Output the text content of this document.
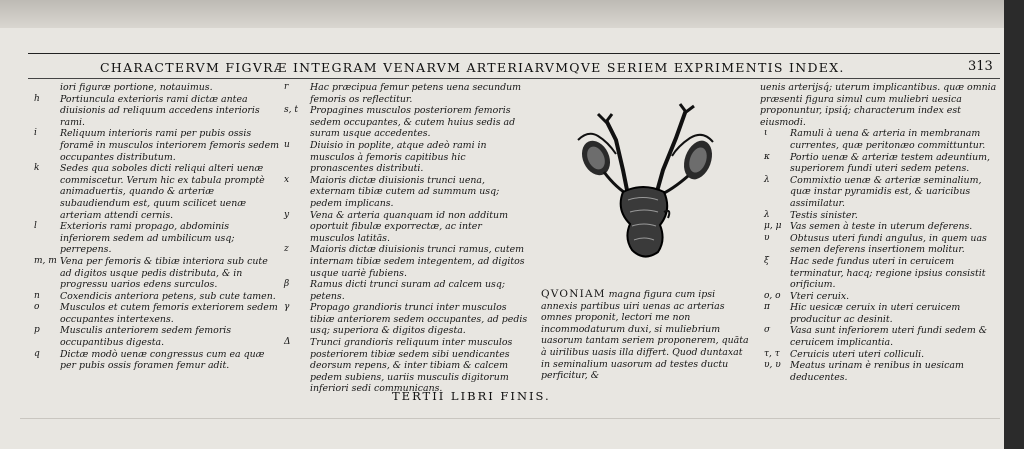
CHARACTERVM FIGVRÆ INTEGRAM VENARVM ARTERIARVMQVE SERIEM EXPRIMENTIS INDEX.	313
iori figuræ portione, notauimus.
h	Portiuncula exterioris rami dictæ antea diuisionis ad reliquum accedens interioris rami.
i	Reliquum interioris rami per pubis ossis foramē in musculos interiorem femoris sedem occupantes distributum.
k	Sedes qua soboles dicti reliqui alteri uenæ commiscetur. Verum hic ex tabula promptè animaduertis, quando & arteriæ subaudiendum est, quum scilicet uenæ arteriam attendi cernis.
l	Exterioris rami propago, abdominis inferiorem sedem ad umbilicum usq; perrepens.
m, m Vena per femoris & tibiæ interiora sub cute ad digitos usque pedis distributa, & in progressu uarios edens surculos.
n	Coxendicis anteriora petens, sub cute tamen.
o	Musculos et cutem femoris exteriorem sedem occupantes intertexens.
p	Musculis anteriorem sedem femoris occupantibus digesta.
q	Dictæ modò uenæ congressus cum ea quæ per pubis ossis foramen femur adit.
r	Hac præcipua femur petens uena secundum femoris os reflectitur.
s, t	Propagines musculos posteriorem femoris sedem occupantes, & cutem huius sedis ad suram usque accedentes.
u	Diuisio in poplite, atque adeò rami in musculos à femoris capitibus hic pronascentes distributi.
x	Maioris dictæ diuisionis trunci uena, externam tibiæ cutem ad summum usq; pedem implicans.
y	Vena & arteria quanquam id non additum oportuit fibulæ exporrectæ, ac inter musculos latitās.
z	Maioris dictæ diuisionis trunci ramus, cutem internam tibiæ sedem integentem, ad digitos usque uariè fubiens.
β	Ramus dicti trunci suram ad calcem usq; petens.
γ	Propago grandioris trunci inter musculos tibiæ anteriorem sedem occupantes, ad pedis usq; superiora & digitos digesta.
Δ	Trunci grandioris reliquum inter musculos posteriorem tibiæ sedem sibi uendicantes deorsum repens, & inter tibiam & calcem pedem subiens, uariis musculis digitorum inferiori sedi communicans.
QVONIAM magna figura cum ipsi annexis partibus uiri uenas ac arterias omnes proponit, lectori me non incommodaturum duxi, si muliebrium uasorum tantam seriem proponerem, quāta à uirilibus uasis illa differt. Quod duntaxat in seminalium uasorum ad testes ductu perficitur, &
uenis arterijsq́; uterum implicantibus. quæ omnia præsenti figura simul cum muliebri uesica proponuntur, ipsiq́; characterum index est eiusmodi.
ι	Ramuli à uena & arteria in membranam currentes, quæ peritonæo committuntur.
κ	Portio uenæ & arteriæ testem adeuntium, superiorem fundi uteri sedem petens.
λ	Commixtio uenæ & arteriæ seminalium, quæ instar pyramidis est, & uaricibus assimilatur.
λ	Testis sinister.
μ, μ Vas semen à teste in uterum deferens.
υ	Obtusus uteri fundi angulus, in quem uas semen deferens insertionem molitur.
ξ	Hac sede fundus uteri in ceruicem terminatur, hacq; regione ipsius consistit orificium.
o, o	Vteri ceruix.
π	Hic uesicæ ceruix in uteri ceruicem producitur ac desinit.
σ	Vasa sunt inferiorem uteri fundi sedem & ceruicem implicantia.
τ, τ	Ceruicis uteri uteri colliculi.
υ, υ Meatus urinam è renibus in uesicam deducentes.
TERTII LIBRI FINIS.
